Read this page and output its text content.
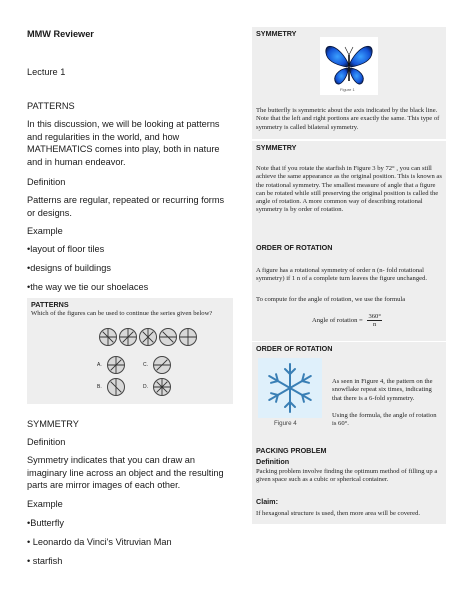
MMW Reviewer
Lecture 1
PATTERNS
In this discussion, we will be looking at patterns and regularities in the world, and how MATHEMATICS comes into play, both in nature and in human endeavor.
Definition
Patterns are regular, repeated or recurring forms or designs.
Example
•layout of floor tiles
•designs of buildings
•the way we tie our shoelaces
SYMMETRY
Definition
Symmetry indicates that you can draw an imaginary line across an object and the resulting parts are mirror images of each other.
Example
•Butterfly
• Leonardo da Vinci's Vitruvian Man
• starfish
PATTERNS
Which of the figures can be used to continue the series given below?
A.	C.
B.	D.
SYMMETRY
Figure 1
The butterfly is symmetric about the axis indicated by the black line. Note that the left and right portions are exactly the same. This type of symmetry is called bilateral symmetry.
SYMMETRY
Note that if you rotate the starfish in Figure 3 by 72° , you can still achieve the same appearance as the original position. This is known as the rotational symmetry. The smallest measure of angle that a figure can be rotated while still preserving the original position is called the angle of rotation. A more common way of describing rotational symmetry is by order of rotation.
ORDER OF ROTATION
A figure has a rotational symmetry of order n (n- fold rotational symmetry) if 1 n of a complete turn leaves the figure unchanged.
To compute for the angle of rotation, we use the formula
Angle of rotation = $\frac{360^\circ}{n}$
ORDER OF ROTATION
Figure 4
As seen in Figure 4, the pattern on the snowflake repeat six times, indicating that there is a 6-fold symmetry.
Using the formula, the angle of rotation is 60°.
PACKING PROBLEM
Definition
Packing problem involve finding the optimum method of filling up a given space such as a cubic or spherical container.
Claim:
If hexagonal structure is used, then more area will be covered.
